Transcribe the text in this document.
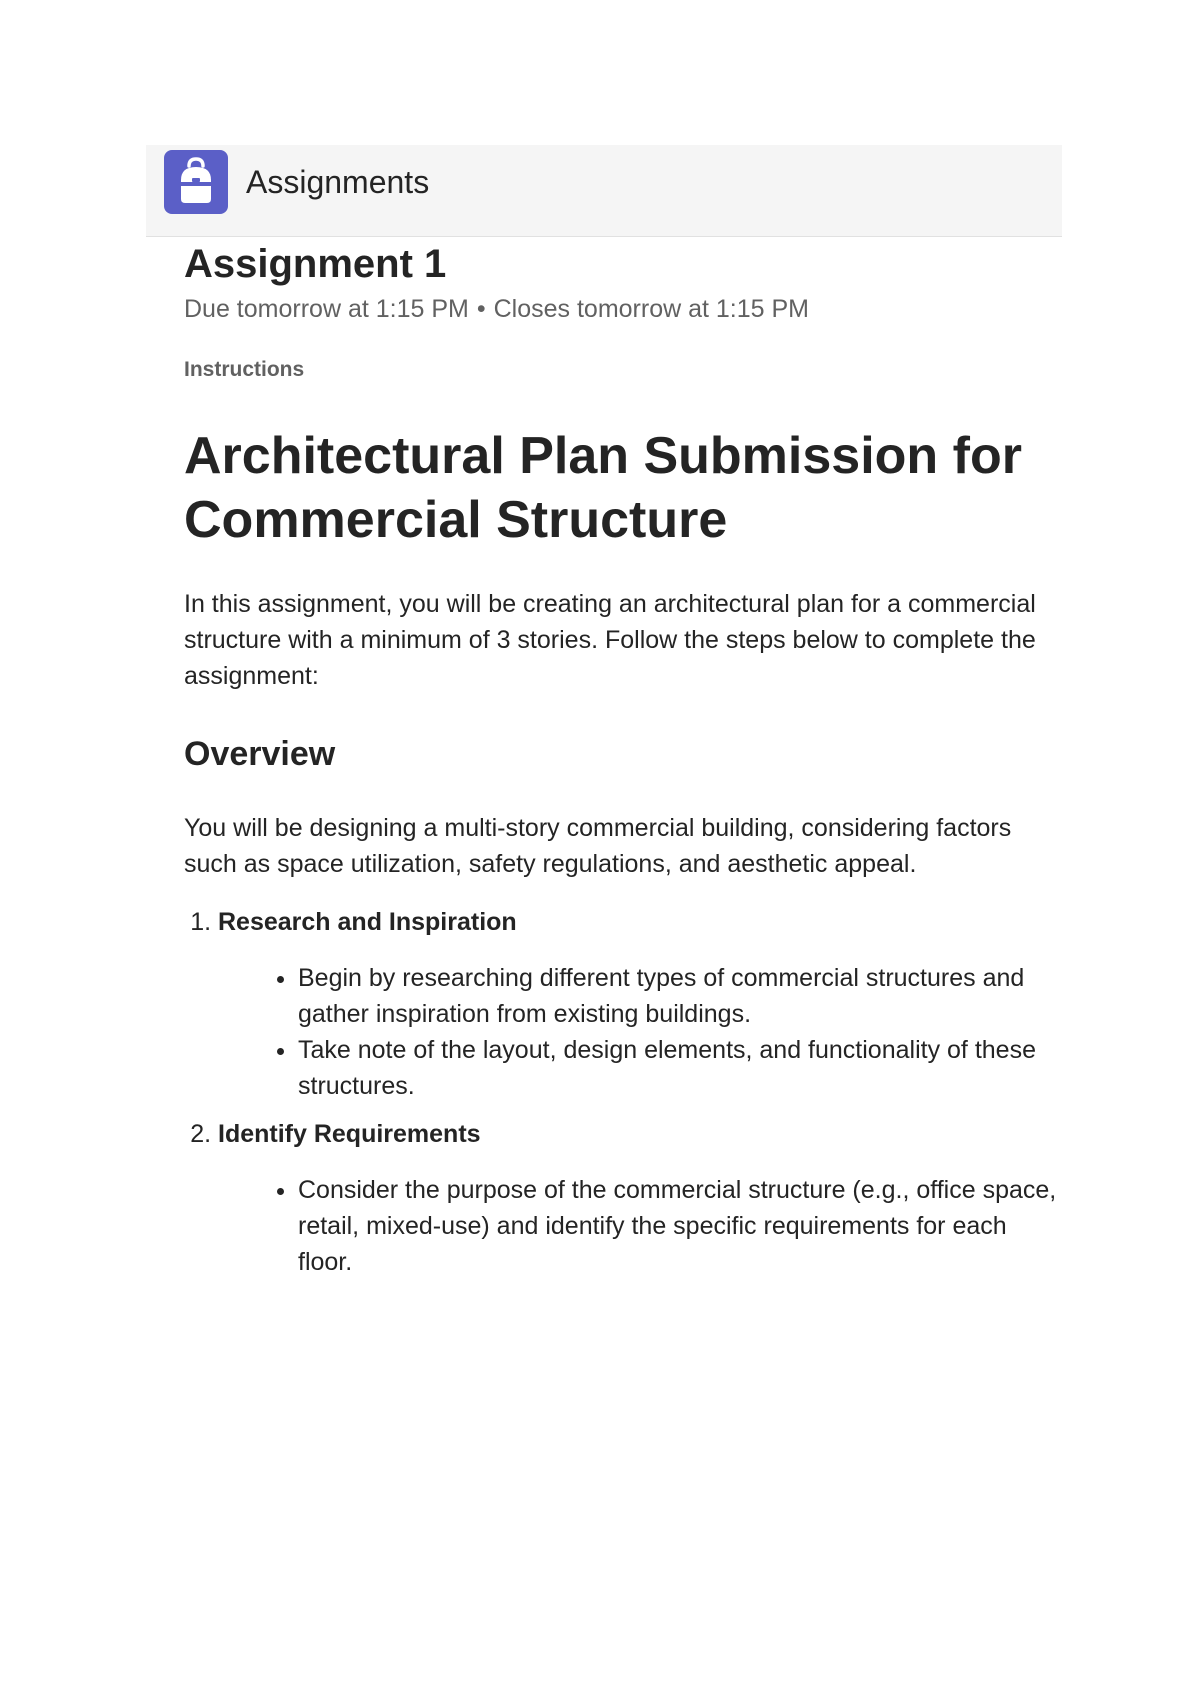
Assignments
Assignment 1
Due tomorrow at 1:15 PM • Closes tomorrow at 1:15 PM
Instructions
Architectural Plan Submission for Commercial Structure

In this assignment, you will be creating an architectural plan for a commercial structure with a minimum of 3 stories. Follow the steps below to complete the assignment:

Overview

You will be designing a multi-story commercial building, considering factors such as space utilization, safety regulations, and aesthetic appeal.

1. Research and Inspiration
• Begin by researching different types of commercial structures and gather inspiration from existing buildings.
• Take note of the layout, design elements, and functionality of these structures.
2. Identify Requirements
• Consider the purpose of the commercial structure (e.g., office space, retail, mixed-use) and identify the specific requirements for each floor.
